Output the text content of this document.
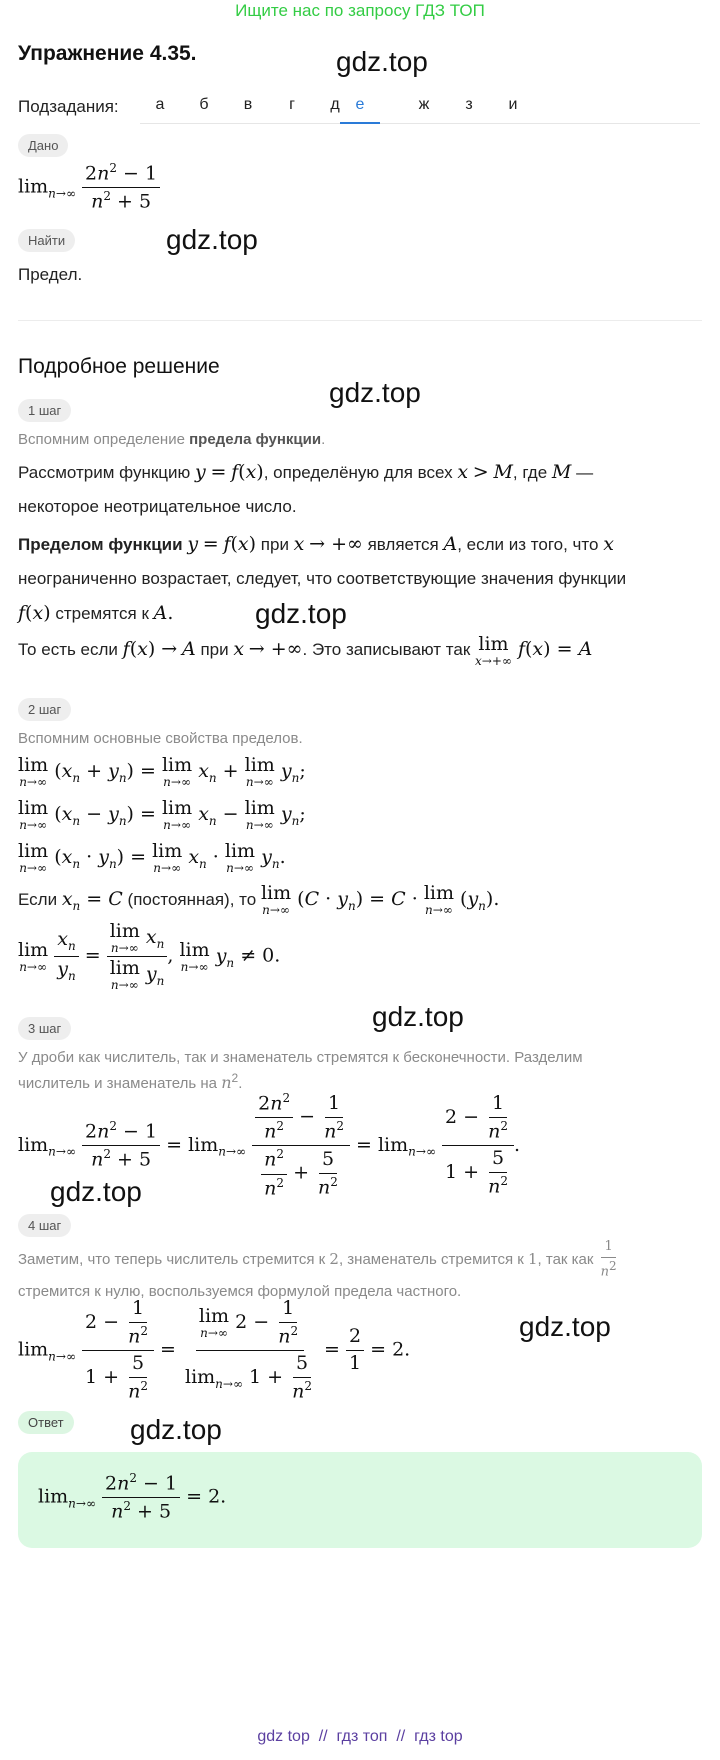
Ищите нас по запросу ГДЗ ТОП
Упражнение 4.35.	gdz.top
Подзадания:	а	б	в	г	д е	ж	з	и
Дано
$\lim_{n\to\infty} \frac{2n^2 - 1}{n^2 + 5}$
Найти	gdz.top
Предел.
Подробное решение
gdz.top
1 шаг
Вспомним определение предела функции.
Рассмотрим функцию y = f(x), определёную для всех x > M, где M —
некоторое неотрицательное число.
Пределом функции y = f(x) при x → +∞ является A, если из того, что x
неограниченно возрастает, следует, что соответствующие значения функции
f(x) стремятся к A.	gdz.top
То есть если f(x) → A при x → +∞. Это записывают так lim
x→+∞
f(x) = A
2 шаг
Вспомним основные свойства пределов.
lim
n→∞ $(x_n + y_n) = \lim$
n→∞ $x_n + \lim$
n→∞ $y_n$;
lim
n→∞ $(x_n - y_n) = \lim$
n→∞ $x_n - \lim$
n→∞ $y_n$;
lim
n→∞ $(x_n \cdot y_n) = \lim$
n→∞ $x_n \cdot \lim$
n→∞ $y_n$.
Если $x_n = C$ (постоянная), то lim
n→∞ $(C \cdot y_n) = C \cdot \lim$
n→∞ $(y_n)$.
lim
n→∞
$\frac{x_n}{y_n} = \lim$
n→∞ $x_n$
lim
n→∞ $y_n$ , lim
n→∞ $y_n \ne 0$.
3 шаг	gdz.top
У дроби как числитель, так и знаменатель стремятся к бесконечности. Разделим
числитель и знаменатель на $n^2$.
$\lim_{n\to\infty} \frac{2n^2 - 1}{n^2 + 5} = \lim_{n\to\infty} \frac{\frac{2n^2}{n^2} - \frac{1}{n^2}}{\frac{n^2}{n^2} + \frac{5}{n^2}} = \lim_{n\to\infty} \frac{2 - \frac{1}{n^2}}{1 + \frac{5}{n^2}}$ .
gdz.top
4 шаг
Заметим, что теперь числитель стремится к 2, знаменатель стремится к 1, так как $\frac{1}{n^2}$

стремится к нулю, воспользуемся формулой предела частного.
gdz.top
$\lim_{n\to\infty} \frac{2 - \frac{1}{n^2}}{1 + \frac{5}{n^2}} = \lim$
n→∞ $2 - \frac{1}{n^2}$
$\lim_{n\to\infty} 1 + \frac{5}{n^2} = \frac{2}{1} = 2$.
Ответ	gdz.top
$\lim_{n\to\infty} \frac{2n^2 - 1}{n^2 + 5} = 2$.
gdz top // гдз топ // гдз top
